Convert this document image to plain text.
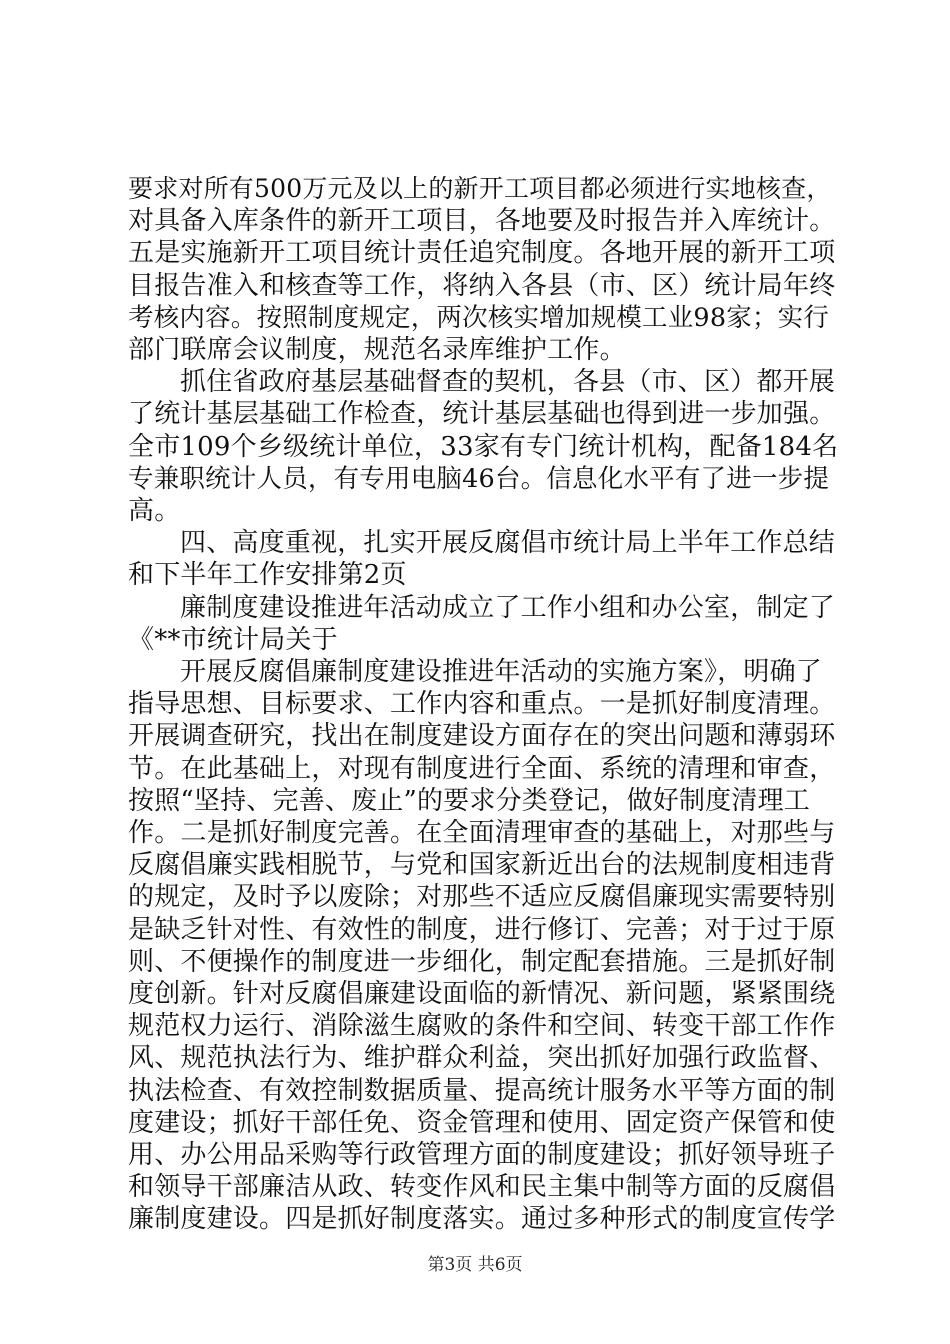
要求对所有500万元及以上的新开工项目都必须进行实地核查，
对具备入库条件的新开工项目，各地要及时报告并入库统计。
五是实施新开工项目统计责任追究制度。各地开展的新开工项
目报告准入和核查等工作，将纳入各县（市、区）统计局年终
考核内容。按照制度规定，两次核实增加规模工业98家；实行
部门联席会议制度，规范名录库维护工作。
抓住省政府基层基础督查的契机，各县（市、区）都开展
了统计基层基础工作检查，统计基层基础也得到进一步加强。
全市109个乡级统计单位，33家有专门统计机构，配备184名
专兼职统计人员，有专用电脑46台。信息化水平有了进一步提
高。
四、高度重视，扎实开展反腐倡市统计局上半年工作总结
和下半年工作安排第2页
廉制度建设推进年活动成立了工作小组和办公室，制定了
《**市统计局关于
开展反腐倡廉制度建设推进年活动的实施方案》，明确了
指导思想、目标要求、工作内容和重点。一是抓好制度清理。
开展调查研究，找出在制度建设方面存在的突出问题和薄弱环
节。在此基础上，对现有制度进行全面、系统的清理和审查，
按照“坚持、完善、废止”的要求分类登记，做好制度清理工
作。二是抓好制度完善。在全面清理审查的基础上，对那些与
反腐倡廉实践相脱节，与党和国家新近出台的法规制度相违背
的规定，及时予以废除；对那些不适应反腐倡廉现实需要特别
是缺乏针对性、有效性的制度，进行修订、完善；对于过于原
则、不便操作的制度进一步细化，制定配套措施。三是抓好制
度创新。针对反腐倡廉建设面临的新情况、新问题，紧紧围绕
规范权力运行、消除滋生腐败的条件和空间、转变干部工作作
风、规范执法行为、维护群众利益，突出抓好加强行政监督、
执法检查、有效控制数据质量、提高统计服务水平等方面的制
度建设；抓好干部任免、资金管理和使用、固定资产保管和使
用、办公用品采购等行政管理方面的制度建设；抓好领导班子
和领导干部廉洁从政、转变作风和民主集中制等方面的反腐倡
廉制度建设。四是抓好制度落实。通过多种形式的制度宣传学
第3页 共6页
